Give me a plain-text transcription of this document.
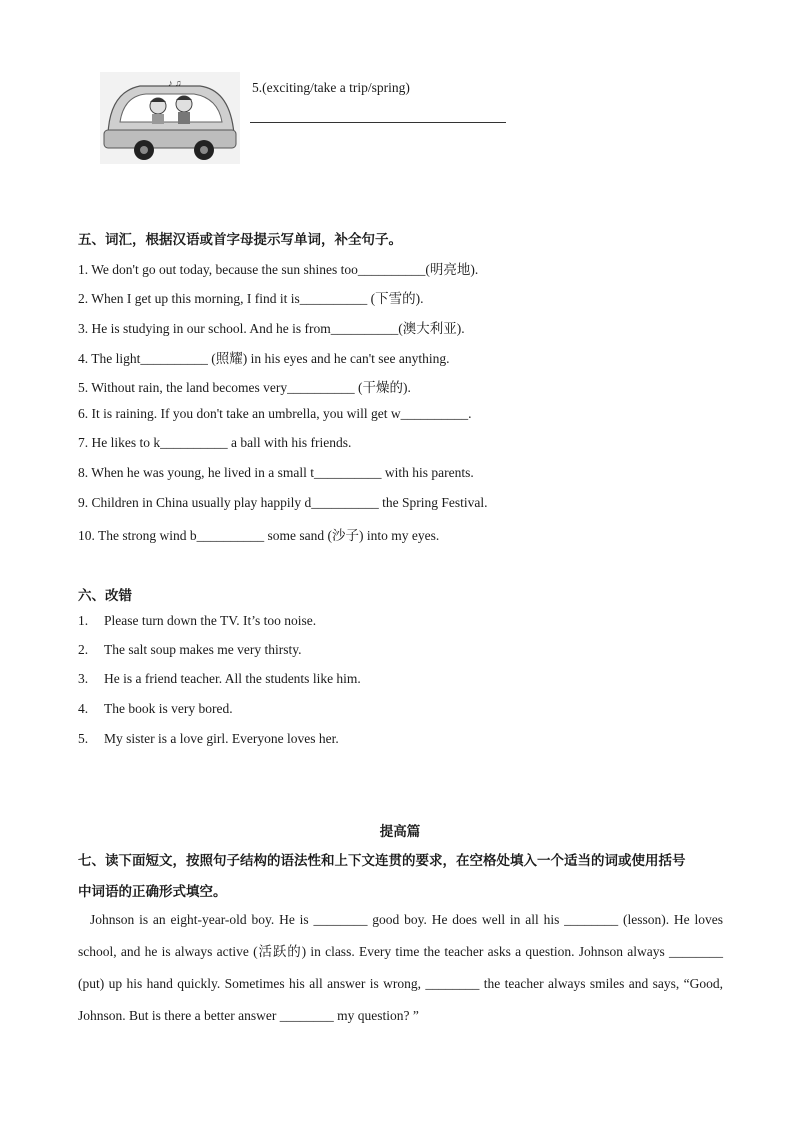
♪ ♫	5.(exciting/take a trip/spring)
五、词汇，根据汉语或首字母提示写单词，补全句子。
1. We don't go out today, because the sun shines too__________(明亮地).
2. When I get up this morning, I find it is__________ (下雪的).
3. He is studying in our school. And he is from__________(澳大利亚).
4. The light__________ (照耀) in his eyes and he can't see anything.
5. Without rain, the land becomes very__________ (干燥的).
6. It is raining. If you don't take an umbrella, you will get w__________.
7. He likes to k__________ a ball with his friends.
8. When he was young, he lived in a small t__________ with his parents.
9. Children in China usually play happily d__________ the Spring Festival.
10. The strong wind b__________ some sand (沙子) into my eyes.
六、改错
1. Please turn down the TV. It’s too noise.
2. The salt soup makes me very thirsty.
3. He is a friend teacher. All the students like him.
4. The book is very bored.
5. My sister is a love girl. Everyone loves her.
提高篇
七、读下面短文，按照句子结构的语法性和上下文连贯的要求，在空格处填入一个适当的词或使用括号
中词语的正确形式填空。
Johnson is an eight-year-old boy. He is ________ good boy. He does well in all his ________ (lesson). He loves school, and he is always active (活跃的) in class. Every time the teacher asks a question. Johnson always ________ (put) up his hand quickly. Sometimes his all answer is wrong, ________ the teacher always smiles and says, “Good, Johnson. But is there a better answer ________ my question? ”
